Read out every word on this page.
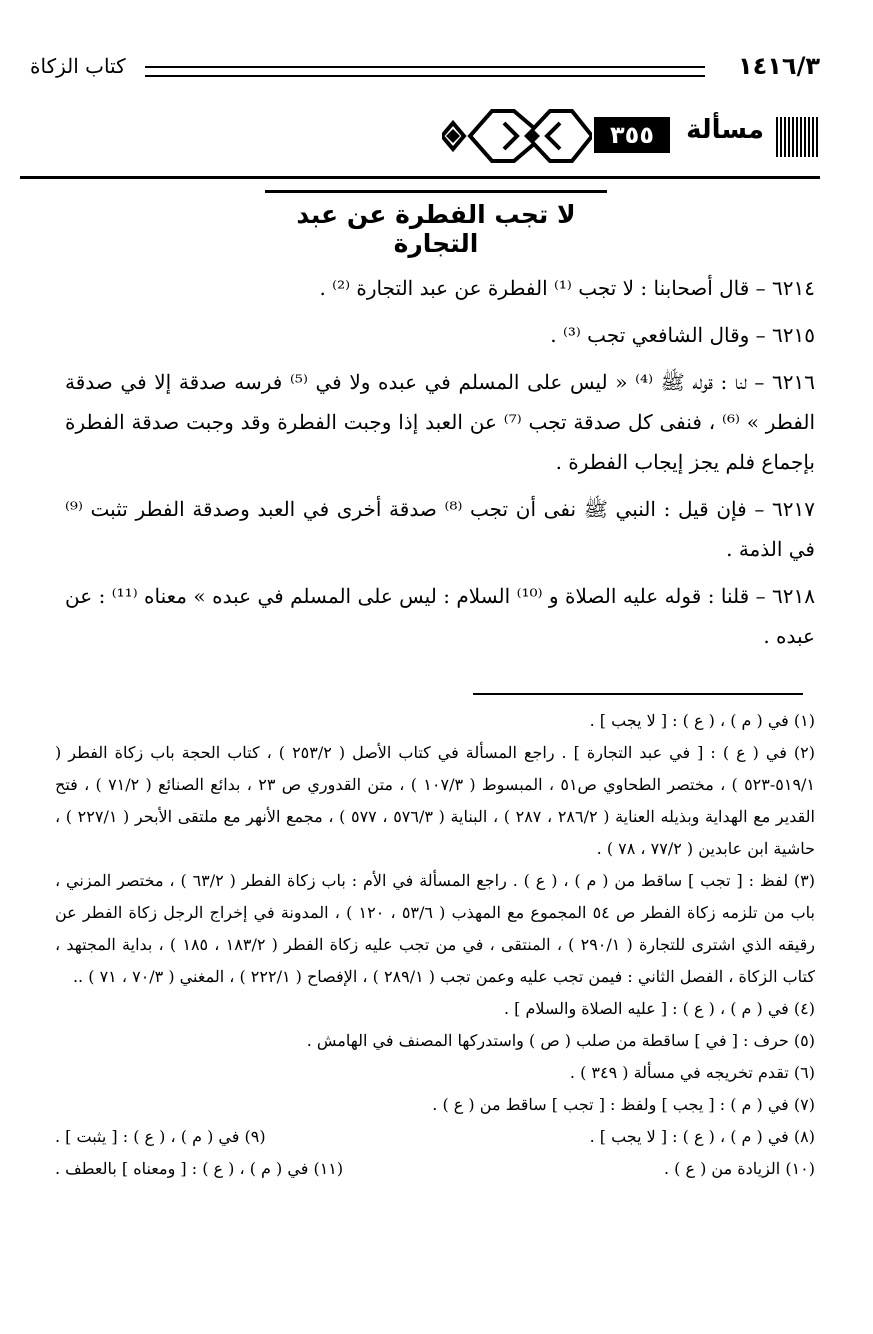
١٤١٦/٣
كتاب الزكاة
مسألة
٣٥٥
لا تجب الفطرة عن عبد التجارة

٦٢١٤ – قال أصحابنا : لا تجب ⁽¹⁾ الفطرة عن عبد التجارة ⁽²⁾ .

٦٢١٥ – وقال الشافعي تجب ⁽³⁾ .

٦٢١٦ – لنا : قوله ﷺ ⁽⁴⁾ « ليس على المسلم في عبده ولا في ⁽⁵⁾ فرسه صدقة إلا في صدقة الفطر » ⁽⁶⁾ ، فنفى كل صدقة تجب ⁽⁷⁾ عن العبد إذا وجبت الفطرة وقد وجبت صدقة الفطرة بإجماع فلم يجز إيجاب الفطرة .

٦٢١٧ – فإن قيل : النبي ﷺ نفى أن تجب ⁽⁸⁾ صدقة أخرى في العبد وصدقة الفطر تثبت ⁽⁹⁾ في الذمة .

٦٢١٨ – قلنا : قوله عليه الصلاة و ⁽¹⁰⁾ السلام : ليس على المسلم في عبده » معناه ⁽¹¹⁾ : عن عبده .

(١) في ( م ) ، ( ع ) : [ لا يجب ] .

(٢) في ( ع ) : [ في عبد التجارة ] . راجع المسألة في كتاب الأصل ( ٢٥٣/٢ ) ، كتاب الحجة باب زكاة الفطر ( ٥١٩/١-٥٢٣ ) ، مختصر الطحاوي ص٥١ ، المبسوط ( ١٠٧/٣ ) ، متن القدوري ص ٢٣ ، بدائع الصنائع ( ٧١/٢ ) ، فتح القدير مع الهداية وبذيله العناية ( ٢٨٦/٢ ، ٢٨٧ ) ، البناية ( ٥٧٦/٣ ، ٥٧٧ ) ، مجمع الأنهر مع ملتقى الأبحر ( ٢٢٧/١ ) ، حاشية ابن عابدين ( ٧٧/٢ ، ٧٨ ) .

(٣) لفظ : [ تجب ] ساقط من ( م ) ، ( ع ) . راجع المسألة في الأم : باب زكاة الفطر ( ٦٣/٢ ) ، مختصر المزني ، باب من تلزمه زكاة الفطر ص ٥٤ المجموع مع المهذب ( ٥٣/٦ ، ١٢٠ ) ، المدونة في إخراج الرجل زكاة الفطر عن رقيقه الذي اشترى للتجارة ( ٢٩٠/١ ) ، المنتقى ، في من تجب عليه زكاة الفطر ( ١٨٣/٢ ، ١٨٥ ) ، بداية المجتهد ، كتاب الزكاة ، الفصل الثاني : فيمن تجب عليه وعمن تجب ( ٢٨٩/١ ) ، الإفصاح ( ٢٢٢/١ ) ، المغني ( ٧٠/٣ ، ٧١ ) ..

(٤) في ( م ) ، ( ع ) : [ عليه الصلاة والسلام ] .

(٥) حرف : [ في ] ساقطة من صلب ( ص ) واستدركها المصنف في الهامش .

(٦) تقدم تخريجه في مسألة ( ٣٤٩ ) .

(٧) في ( م ) : [ يجب ] ولفظ : [ تجب ] ساقط من ( ع ) .

(٨) في ( م ) ، ( ع ) : [ لا يجب ] .
(٩) في ( م ) ، ( ع ) : [ يثبت ] .
(١٠) الزيادة من ( ع ) .
(١١) في ( م ) ، ( ع ) : [ ومعناه ] بالعطف .
